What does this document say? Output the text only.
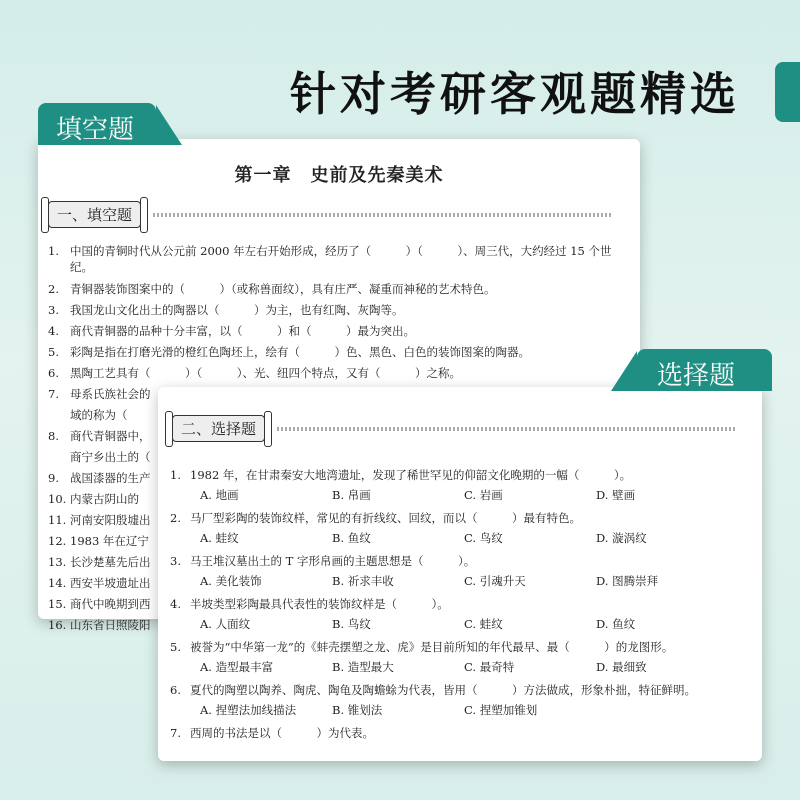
针对考研客观题精选
第一章　史前及先秦美术
一、填空题
1. 中国的青铜时代从公元前 2000 年左右开始形成，经历了（　　　）（　　　）、周三代，大约经过 15 个世纪。
2. 青铜器装饰图案中的（　　　）（或称兽面纹），具有庄严、凝重而神秘的艺术特色。
3. 我国龙山文化出土的陶器以（　　　）为主，也有红陶、灰陶等。
4. 商代青铜器的品种十分丰富，以（　　　）和（　　　）最为突出。
5. 彩陶是指在打磨光滑的橙红色陶坯上，绘有（　　　）色、黑色、白色的装饰图案的陶器。
6. 黑陶工艺具有（　　　）（　　　）、光、纽四个特点，又有（　　　）之称。
7. 母系氏族社会的
域的称为（
8. 商代青铜器中，
商宁乡出土的（
9. 战国漆器的生产
10. 内蒙古阴山的
11. 河南安阳殷墟出
12. 1983 年在辽宁
13. 长沙楚墓先后出
14. 西安半坡遗址出
15. 商代中晚期到西
16. 山东省日照陵阳
填空题
二、选择题
1. 1982 年，在甘肃秦安大地湾遗址，发现了稀世罕见的仰韶文化晚期的一幅（　　　）。
A. 地画	B. 帛画	C. 岩画	D. 壁画
2. 马厂型彩陶的装饰纹样，常见的有折线纹、回纹，而以（　　　）最有特色。
A. 蛙纹	B. 鱼纹	C. 鸟纹	D. 漩涡纹
3. 马王堆汉墓出土的 T 字形帛画的主题思想是（　　　）。
A. 美化装饰	B. 祈求丰收	C. 引魂升天	D. 图腾崇拜
4. 半坡类型彩陶最具代表性的装饰纹样是（　　　）。
A. 人面纹	B. 鸟纹	C. 蛙纹	D. 鱼纹
5. 被誉为“中华第一龙”的《蚌壳摆塑之龙、虎》是目前所知的年代最早、最（　　　）的龙图形。
A. 造型最丰富	B. 造型最大	C. 最奇特	D. 最细致
6. 夏代的陶塑以陶养、陶虎、陶龟及陶蟾蜍为代表，皆用（　　　）方法做成，形象朴拙，特征鲜明。
A. 捏塑法加线描法	B. 锥划法	C. 捏塑加锥划
7. 西周的书法是以（　　　）为代表。
选择题
